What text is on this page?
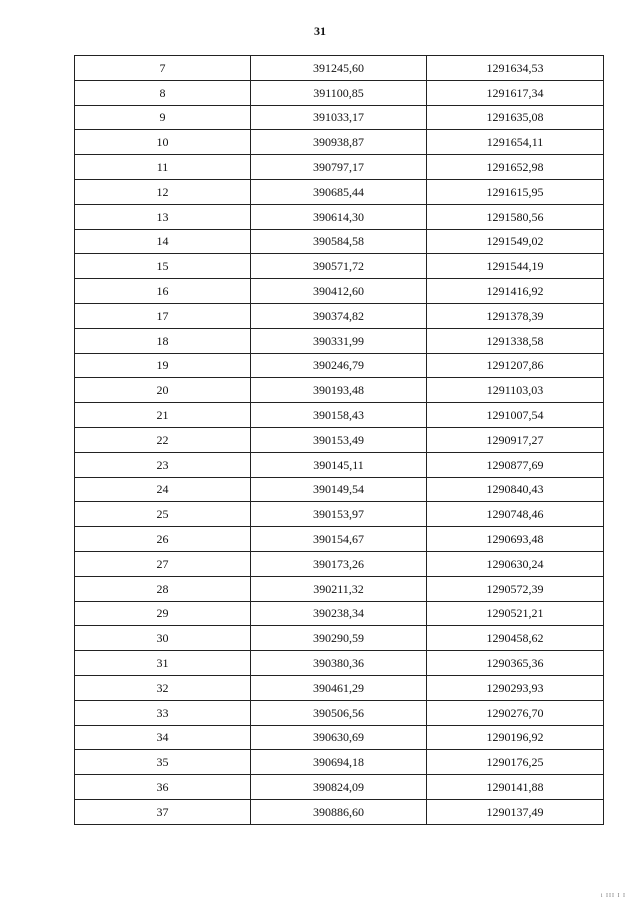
31
7	391245,60	1291634,53
8	391100,85	1291617,34
9	391033,17	1291635,08
10	390938,87	1291654,11
11	390797,17	1291652,98
12	390685,44	1291615,95
13	390614,30	1291580,56
14	390584,58	1291549,02
15	390571,72	1291544,19
16	390412,60	1291416,92
17	390374,82	1291378,39
18	390331,99	1291338,58
19	390246,79	1291207,86
20	390193,48	1291103,03
21	390158,43	1291007,54
22	390153,49	1290917,27
23	390145,11	1290877,69
24	390149,54	1290840,43
25	390153,97	1290748,46
26	390154,67	1290693,48
27	390173,26	1290630,24
28	390211,32	1290572,39
29	390238,34	1290521,21
30	390290,59	1290458,62
31	390380,36	1290365,36
32	390461,29	1290293,93
33	390506,56	1290276,70
34	390630,69	1290196,92
35	390694,18	1290176,25
36	390824,09	1290141,88
37	390886,60	1290137,49
і ІІІ І І
